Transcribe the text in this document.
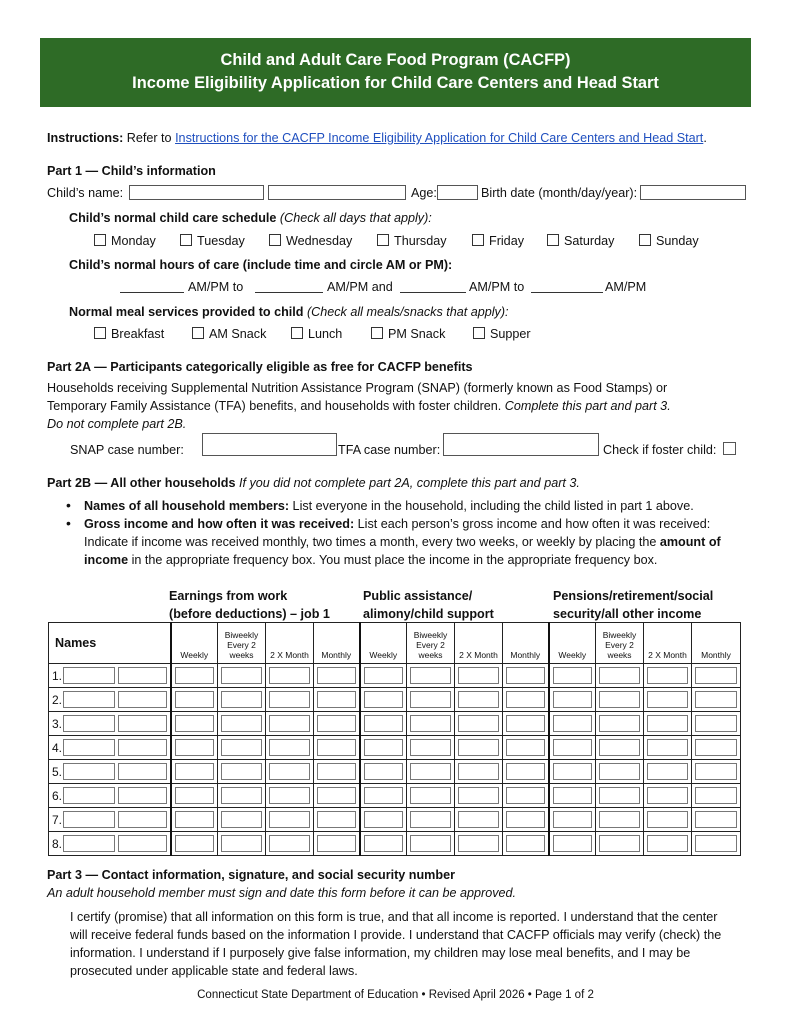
Child and Adult Care Food Program (CACFP)
Income Eligibility Application for Child Care Centers and Head Start
Instructions: Refer to Instructions for the CACFP Income Eligibility Application for Child Care Centers and Head Start.
Part 1 — Child’s information
Child’s name:	Age:	Birth date (month/day/year):
Child’s normal child care schedule (Check all days that apply):
Monday	Tuesday	Wednesday	Thursday	Friday	Saturday	Sunday
Child’s normal hours of care (include time and circle AM or PM):
AM/PM to	AM/PM and	AM/PM to	AM/PM
Normal meal services provided to child (Check all meals/snacks that apply):
Breakfast	AM Snack	Lunch	PM Snack	Supper
Part 2A — Participants categorically eligible as free for CACFP benefits
Households receiving Supplemental Nutrition Assistance Program (SNAP) (formerly known as Food Stamps) or
Temporary Family Assistance (TFA) benefits, and households with foster children. Complete this part and part 3.
Do not complete part 2B.
SNAP case number:	TFA case number:	Check if foster child:
Part 2B — All other households If you did not complete part 2A, complete this part and part 3.
• Names of all household members: List everyone in the household, including the child listed in part 1 above.
• Gross income and how often it was received: List each person’s gross income and how often it was received:
Indicate if income was received monthly, two times a month, every two weeks, or weekly by placing the amount of
income in the appropriate frequency box. You must place the income in the appropriate frequency box.
Earnings from work
(before deductions) – job 1
Public assistance/
alimony/child support
Pensions/retirement/social
security/all other income
Names	Weekly	Biweekly Every 2 weeks	2 X Month	Monthly	Weekly	Biweekly Every 2 weeks	2 X Month	Monthly	Weekly	Biweekly Every 2 weeks	2 X Month	Monthly

1.												

2.												

3.												

4.												

5.												

6.												

7.												

8.												

Part 3 — Contact information, signature, and social security number
An adult household member must sign and date this form before it can be approved.
I certify (promise) that all information on this form is true, and that all income is reported. I understand that the center
will receive federal funds based on the information I provide. I understand that CACFP officials may verify (check) the
information. I understand if I purposely give false information, my children may lose meal benefits, and I may be
prosecuted under applicable state and federal laws.
Connecticut State Department of Education • Revised April 2026 • Page 1 of 2
